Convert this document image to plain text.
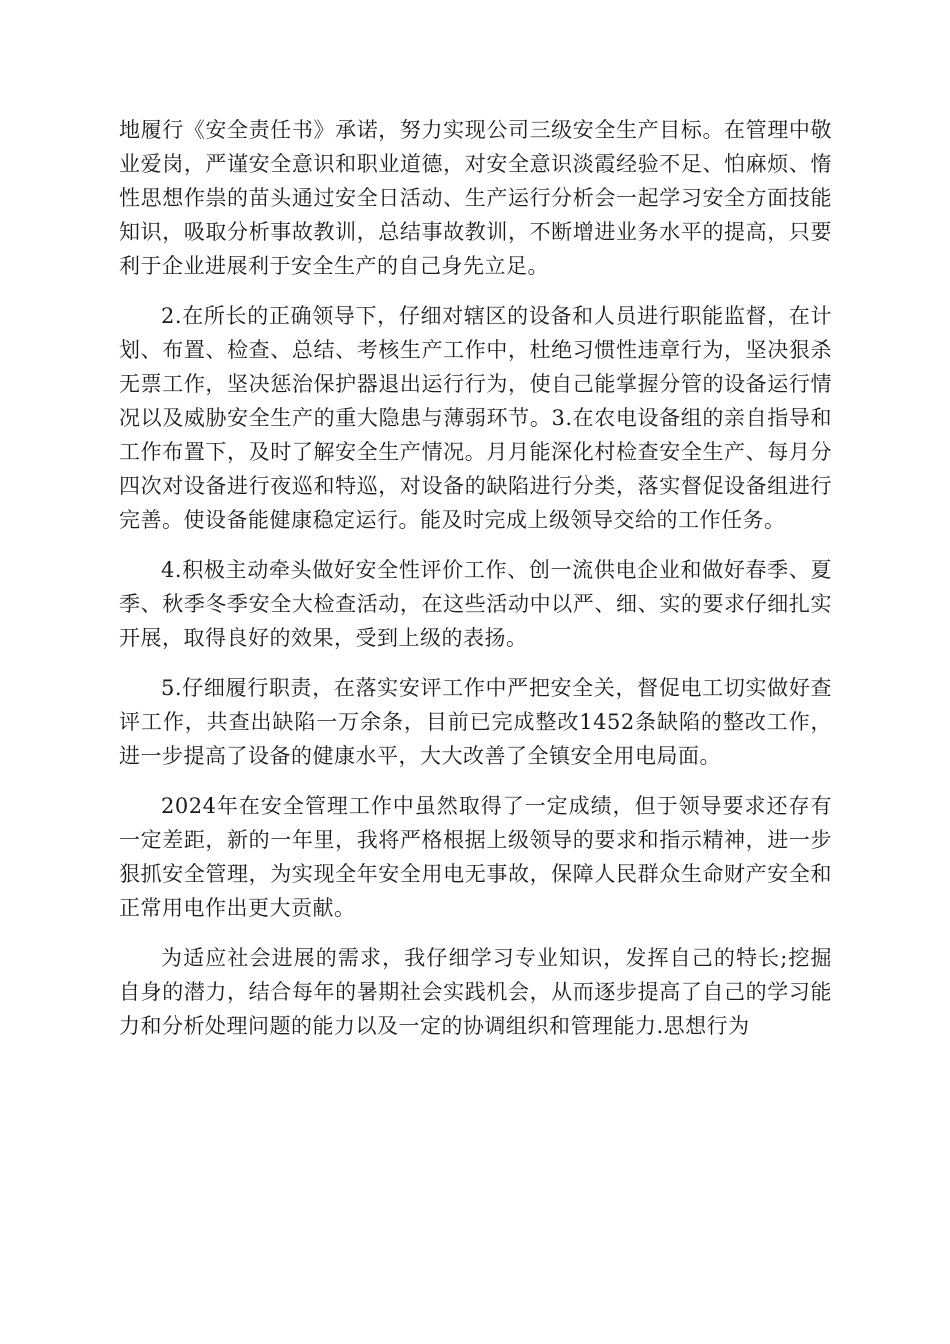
地履行《安全责任书》承诺，努力实现公司三级安全生产目标。在管理中敬业爱岗，严谨安全意识和职业道德，对安全意识淡霞经验不足、怕麻烦、惰性思想作祟的苗头通过安全日活动、生产运行分析会一起学习安全方面技能知识，吸取分析事故教训，总结事故教训，不断增进业务水平的提高，只要利于企业进展利于安全生产的自己身先立足。

2.在所长的正确领导下，仔细对辖区的设备和人员进行职能监督，在计划、布置、检查、总结、考核生产工作中，杜绝习惯性违章行为，坚决狠杀无票工作，坚决惩治保护器退出运行行为，使自己能掌握分管的设备运行情况以及威胁安全生产的重大隐患与薄弱环节。3.在农电设备组的亲自指导和工作布置下，及时了解安全生产情况。月月能深化村检查安全生产、每月分四次对设备进行夜巡和特巡，对设备的缺陷进行分类，落实督促设备组进行完善。使设备能健康稳定运行。能及时完成上级领导交给的工作任务。

4.积极主动牵头做好安全性评价工作、创一流供电企业和做好春季、夏季、秋季冬季安全大检查活动，在这些活动中以严、细、实的要求仔细扎实开展，取得良好的效果，受到上级的表扬。

5.仔细履行职责，在落实安评工作中严把安全关，督促电工切实做好查评工作，共查出缺陷一万余条，目前已完成整改1452条缺陷的整改工作，进一步提高了设备的健康水平，大大改善了全镇安全用电局面。

2024年在安全管理工作中虽然取得了一定成绩，但于领导要求还存有一定差距，新的一年里，我将严格根据上级领导的要求和指示精神，进一步狠抓安全管理，为实现全年安全用电无事故，保障人民群众生命财产安全和正常用电作出更大贡献。

为适应社会进展的需求，我仔细学习专业知识，发挥自己的特长;挖掘自身的潜力，结合每年的暑期社会实践机会，从而逐步提高了自己的学习能力和分析处理问题的能力以及一定的协调组织和管理能力.思想行为
